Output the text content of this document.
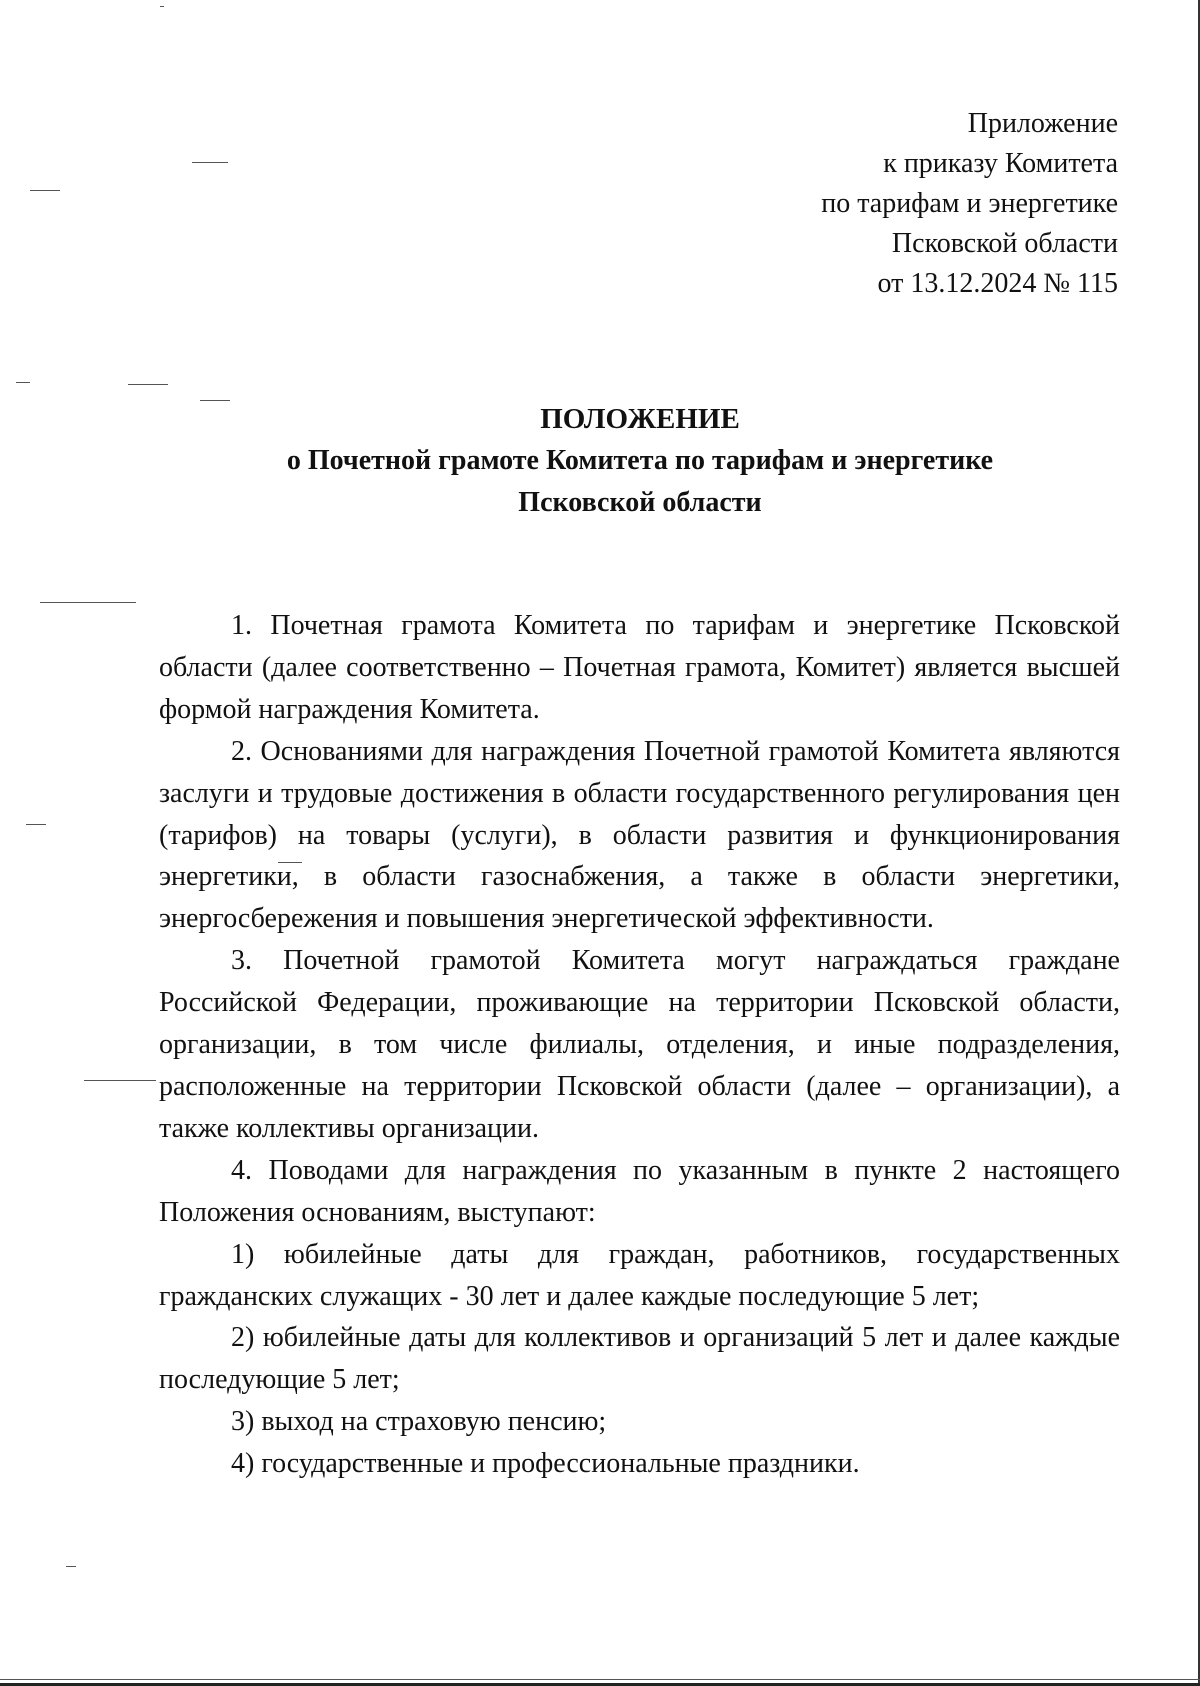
Приложение
к приказу Комитета
по тарифам и энергетике
Псковской области
от 13.12.2024 № 115
ПОЛОЖЕНИЕ
о Почетной грамоте Комитета по тарифам и энергетике
Псковской области

1. Почетная грамота Комитета по тарифам и энергетике Псковской области (далее соответственно – Почетная грамота, Комитет) является высшей формой награждения Комитета.

2. Основаниями для награждения Почетной грамотой Комитета являются заслуги и трудовые достижения в области государственного регулирования цен (тарифов) на товары (услуги), в области развития и функционирования энергетики, в области газоснабжения, а также в области энергетики, энергосбережения и повышения энергетической эффективности.

3. Почетной грамотой Комитета могут награждаться граждане Российской Федерации, проживающие на территории Псковской области, организации, в том числе филиалы, отделения, и иные подразделения, расположенные на территории Псковской области (далее – организации), а также коллективы организации.

4. Поводами для награждения по указанным в пункте 2 настоящего Положения основаниям, выступают:

1) юбилейные даты для граждан, работников, государственных гражданских служащих - 30 лет и далее каждые последующие 5 лет;

2) юбилейные даты для коллективов и организаций 5 лет и далее каждые последующие 5 лет;

3) выход на страховую пенсию;

4) государственные и профессиональные праздники.
